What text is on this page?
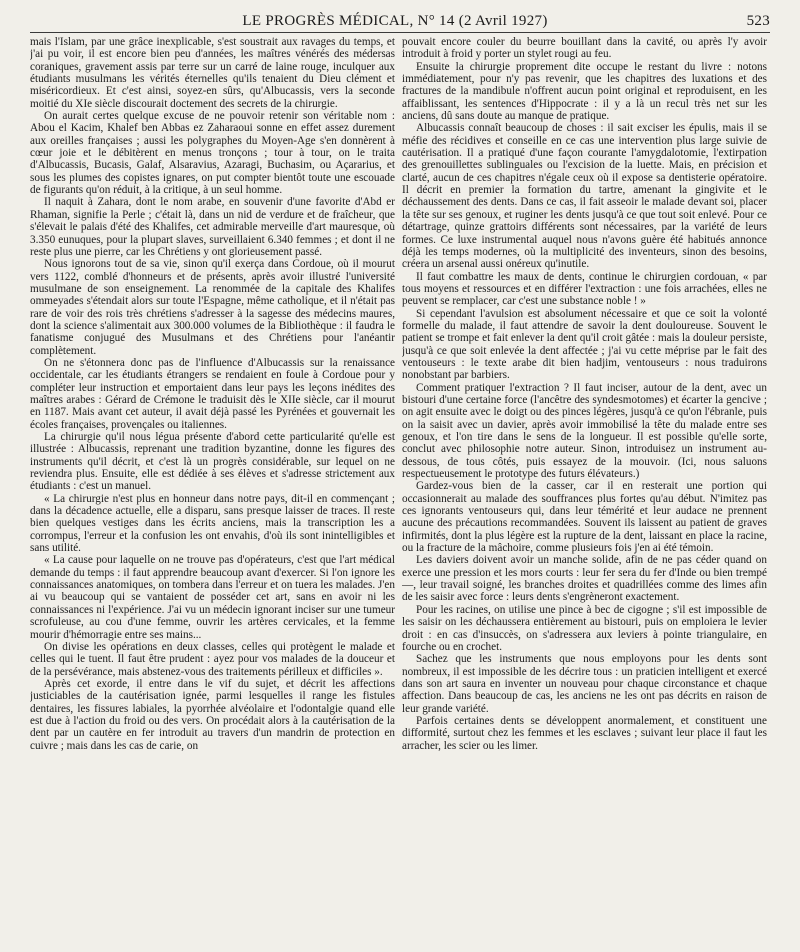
LE PROGRÈS MÉDICAL, N° 14 (2 Avril 1927)	523

mais l'Islam, par une grâce inexplicable, s'est soustrait aux ravages du temps, et j'ai pu voir, il est encore bien peu d'années, les maîtres vénérés des médersas coraniques, gravement assis par terre sur un carré de laine rouge, inculquer aux étudiants musulmans les vérités éternelles qu'ils tenaient du Dieu clément et miséricordieux. Et c'est ainsi, soyez-en sûrs, qu'Albucassis, vers la seconde moitié du XIe siècle discourait doctement des secrets de la chirurgie.

On aurait certes quelque excuse de ne pouvoir retenir son véritable nom : Abou el Kacim, Khalef ben Abbas ez Zaharaoui sonne en effet assez durement aux oreilles françaises ; aussi les polygraphes du Moyen-Age s'en donnèrent à cœur joie et le débitèrent en menus tronçons ; tour à tour, on le traita d'Albucassis, Bucasis, Galaf, Alsaravius, Azaragi, Buchasim, ou Açararius, et sous les plumes des copistes ignares, on put compter bientôt toute une escouade de figurants qu'on réduit, à la critique, à un seul homme.

Il naquit à Zahara, dont le nom arabe, en souvenir d'une favorite d'Abd er Rhaman, signifie la Perle ; c'était là, dans un nid de verdure et de fraîcheur, que s'élevait le palais d'été des Khalifes, cet admirable merveille d'art mauresque, où 3.350 eunuques, pour la plupart slaves, surveillaient 6.340 femmes ; et dont il ne reste plus une pierre, car les Chrétiens y ont glorieusement passé.

Nous ignorons tout de sa vie, sinon qu'il exerça dans Cordoue, où il mourut vers 1122, comblé d'honneurs et de présents, après avoir illustré l'université musulmane de son enseignement. La renommée de la capitale des Khalifes ommeyades s'étendait alors sur toute l'Espagne, même catholique, et il n'était pas rare de voir des rois très chrétiens s'adresser à la sagesse des médecins maures, dont la science s'alimentait aux 300.000 volumes de la Bibliothèque : il faudra le fanatisme conjugué des Musulmans et des Chrétiens pour l'anéantir complètement.

On ne s'étonnera donc pas de l'influence d'Albucassis sur la renaissance occidentale, car les étudiants étrangers se rendaient en foule à Cordoue pour y compléter leur instruction et emportaient dans leur pays les leçons inédites des maîtres arabes : Gérard de Crémone le traduisit dès le XIIe siècle, car il mourut en 1187. Mais avant cet auteur, il avait déjà passé les Pyrénées et gouvernait les écoles françaises, provençales ou italiennes.

La chirurgie qu'il nous légua présente d'abord cette particularité qu'elle est illustrée : Albucassis, reprenant une tradition byzantine, donne les figures des instruments qu'il décrit, et c'est là un progrès considérable, sur lequel on ne reviendra plus. Ensuite, elle est dédiée à ses élèves et s'adresse strictement aux étudiants : c'est un manuel.

« La chirurgie n'est plus en honneur dans notre pays, dit-il en commençant ; dans la décadence actuelle, elle a disparu, sans presque laisser de traces. Il reste bien quelques vestiges dans les écrits anciens, mais la transcription les a corrompus, l'erreur et la confusion les ont envahis, d'où ils sont inintelligibles et sans utilité.

« La cause pour laquelle on ne trouve pas d'opérateurs, c'est que l'art médical demande du temps : il faut apprendre beaucoup avant d'exercer. Si l'on ignore les connaissances anatomiques, on tombera dans l'erreur et on tuera les malades. J'en ai vu beaucoup qui se vantaient de posséder cet art, sans en avoir ni les connaissances ni l'expérience. J'ai vu un médecin ignorant inciser sur une tumeur scrofuleuse, au cou d'une femme, ouvrir les artères cervicales, et la femme mourir d'hémorragie entre ses mains...

On divise les opérations en deux classes, celles qui protègent le malade et celles qui le tuent. Il faut être prudent : ayez pour vos malades de la douceur et de la persévérance, mais abstenez-vous des traitements périlleux et difficiles ».

Après cet exorde, il entre dans le vif du sujet, et décrit les affections justiciables de la cautérisation ignée, parmi lesquelles il range les fistules dentaires, les fissures labiales, la pyorrhée alvéolaire et l'odontalgie quand elle est due à l'action du froid ou des vers. On procédait alors à la cautérisation de la dent par un cautère en fer introduit au travers d'un mandrin de protection en cuivre ; mais dans les cas de carie, on

pouvait encore couler du beurre bouillant dans la cavité, ou après l'y avoir introduit à froid y porter un stylet rougi au feu.

Ensuite la chirurgie proprement dite occupe le restant du livre : notons immédiatement, pour n'y pas revenir, que les chapitres des luxations et des fractures de la mandibule n'offrent aucun point original et reproduisent, en les affaiblissant, les sentences d'Hippocrate : il y a là un recul très net sur les anciens, dû sans doute au manque de pratique.

Albucassis connaît beaucoup de choses : il sait exciser les épulis, mais il se méfie des récidives et conseille en ce cas une intervention plus large suivie de cautérisation. Il a pratiqué d'une façon courante l'amygdalotomie, l'extirpation des grenouillettes sublinguales ou l'excision de la luette. Mais, en précision et clarté, aucun de ces chapitres n'égale ceux où il expose sa dentisterie opératoire. Il décrit en premier la formation du tartre, amenant la gingivite et le déchaussement des dents. Dans ce cas, il fait asseoir le malade devant soi, placer la tête sur ses genoux, et ruginer les dents jusqu'à ce que tout soit enlevé. Pour ce détartrage, quinze grattoirs différents sont nécessaires, par la variété de leurs formes. Ce luxe instrumental auquel nous n'avons guère été habitués annonce déjà les temps modernes, où la multiplicité des inventeurs, sinon des besoins, créera un arsenal aussi onéreux qu'inutile.

Il faut combattre les maux de dents, continue le chirurgien cordouan, « par tous moyens et ressources et en différer l'extraction : une fois arrachées, elles ne peuvent se remplacer, car c'est une substance noble ! »

Si cependant l'avulsion est absolument nécessaire et que ce soit la volonté formelle du malade, il faut attendre de savoir la dent douloureuse. Souvent le patient se trompe et fait enlever la dent qu'il croit gâtée : mais la douleur persiste, jusqu'à ce que soit enlevée la dent affectée ; j'ai vu cette méprise par le fait des ventouseurs : le texte arabe dit bien hadjim, ventouseurs : nous traduirons nonobstant par barbiers.

Comment pratiquer l'extraction ? Il faut inciser, autour de la dent, avec un bistouri d'une certaine force (l'ancêtre des syndesmotomes) et écarter la gencive ; on agit ensuite avec le doigt ou des pinces légères, jusqu'à ce qu'on l'ébranle, puis on la saisit avec un davier, après avoir immobilisé la tête du malade entre ses genoux, et l'on tire dans le sens de la longueur. Il est possible qu'elle sorte, conclut avec philosophie notre auteur. Sinon, introduisez un instrument au-dessous, de tous côtés, puis essayez de la mouvoir. (Ici, nous saluons respectueusement le prototype des futurs élévateurs.)

Gardez-vous bien de la casser, car il en resterait une portion qui occasionnerait au malade des souffrances plus fortes qu'au début. N'imitez pas ces ignorants ventouseurs qui, dans leur témérité et leur audace ne prennent aucune des précautions recommandées. Souvent ils laissent au patient de graves infirmités, dont la plus légère est la rupture de la dent, laissant en place la racine, ou la fracture de la mâchoire, comme plusieurs fois j'en ai été témoin.

Les daviers doivent avoir un manche solide, afin de ne pas céder quand on exerce une pression et les mors courts : leur fer sera du fer d'Inde ou bien trempé —, leur travail soigné, les branches droites et quadrillées comme des limes afin de les saisir avec force : leurs dents s'engrèneront exactement.

Pour les racines, on utilise une pince à bec de cigogne ; s'il est impossible de les saisir on les déchaussera entièrement au bistouri, puis on emploiera le levier droit : en cas d'insuccès, on s'adressera aux leviers à pointe triangulaire, en fourche ou en crochet.

Sachez que les instruments que nous employons pour les dents sont nombreux, il est impossible de les décrire tous : un praticien intelligent et exercé dans son art saura en inventer un nouveau pour chaque circonstance et chaque affection. Dans beaucoup de cas, les anciens ne les ont pas décrits en raison de leur grande variété.

Parfois certaines dents se développent anormalement, et constituent une difformité, surtout chez les femmes et les esclaves ; suivant leur place il faut les arracher, les scier ou les limer.
